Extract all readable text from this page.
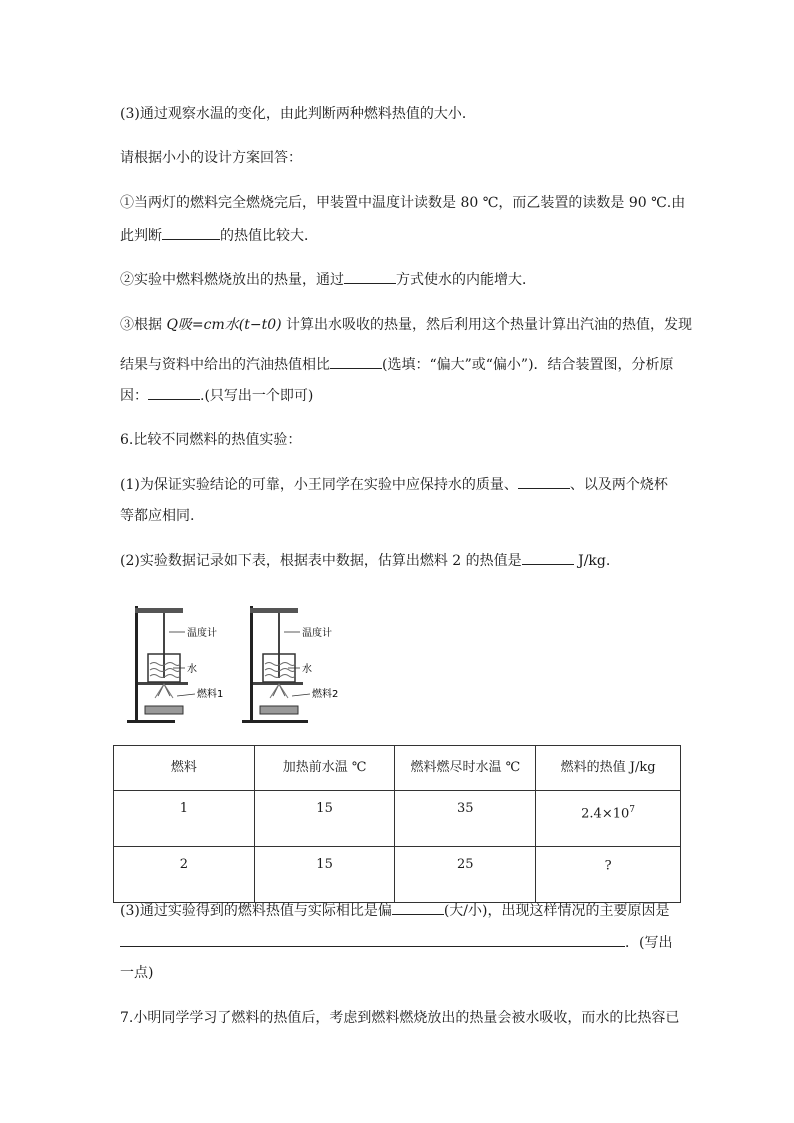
(3)通过观察水温的变化，由此判断两种燃料热值的大小．
请根据小小的设计方案回答：
①当两灯的燃料完全燃烧完后，甲装置中温度计读数是 80 ℃，而乙装置的读数是 90 ℃.由
此判断	的热值比较大．
②实验中燃料燃烧放出的热量，通过	方式使水的内能增大．
③根据 Q吸=cm水(t−t0) 计算出水吸收的热量，然后利用这个热量计算出汽油的热值，发现
结果与资料中给出的汽油热值相比	(选填：“偏大”或“偏小”)．结合装置图，分析原
因：	.(只写出一个即可)
6.比较不同燃料的热值实验：
(1)为保证实验结论的可靠，小王同学在实验中应保持水的质量、	、以及两个烧杯
等都应相同.
(2)实验数据记录如下表，根据表中数据，估算出燃料 2 的热值是	J/kg.
温度计
水
燃料1
温度计
水
燃料2
燃料	加热前水温 ℃	燃料燃尽时水温 ℃	燃料的热值 J/kg
1	15	35	$2.4\times 10^7$
2	15	25	?
(3)通过实验得到的燃料热值与实际相比是偏	(大/小)，出现这样情况的主要原因是
．(写出
一点)
7.小明同学学习了燃料的热值后，考虑到燃料燃烧放出的热量会被水吸收，而水的比热容已
